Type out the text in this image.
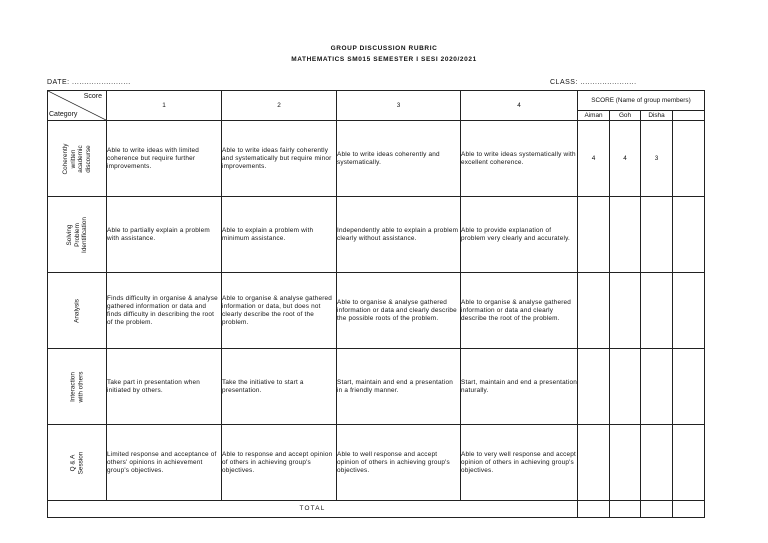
GROUP DISCUSSION RUBRIC
MATHEMATICS SM015 SEMESTER I SESI 2020/2021
DATE: ........................	CLASS: .......................
Score
Category	1	2	3	4	SCORE (Name of group members)			
					Aiman	Goh	Disha	

Coherently written academic discourse	Able to write ideas with limited coherence but require further improvements.	Able to write ideas fairly coherently and systematically but require minor improvements.	Able to write ideas coherently and systematically.	Able to write ideas systematically with excellent coherence.	4	4	3	

Solving Problem Identification	Able to partially explain a problem with assistance.	Able to explain a problem with minimum assistance.	Independently able to explain a problem clearly without assistance.	Able to provide explanation of problem very clearly and accurately.				

Analysis	Finds difficulty in organise & analyse gathered information or data and finds difficulty in describing the root of the problem.	Able to organise & analyse gathered information or data, but does not clearly describe the root of the problem.	Able to organise & analyse gathered information or data and clearly describe the possible roots of the problem.	Able to organise & analyse gathered information or data and clearly describe the root of the problem.				

Interaction with others	Take part in presentation when initiated by others.	Take the initiative to start a presentation.	Start, maintain and end a presentation in a friendly manner.	Start, maintain and end a presentation naturally.				

Q & A Session	Limited response and acceptance of others' opinions in achievement group's objectives.	Able to response and accept opinion of others in achieving group's objectives.	Able to well response and accept opinion of others in achieving group's objectives.	Able to very well response and accept opinion of others in achieving group's objectives.				
TOTAL								
